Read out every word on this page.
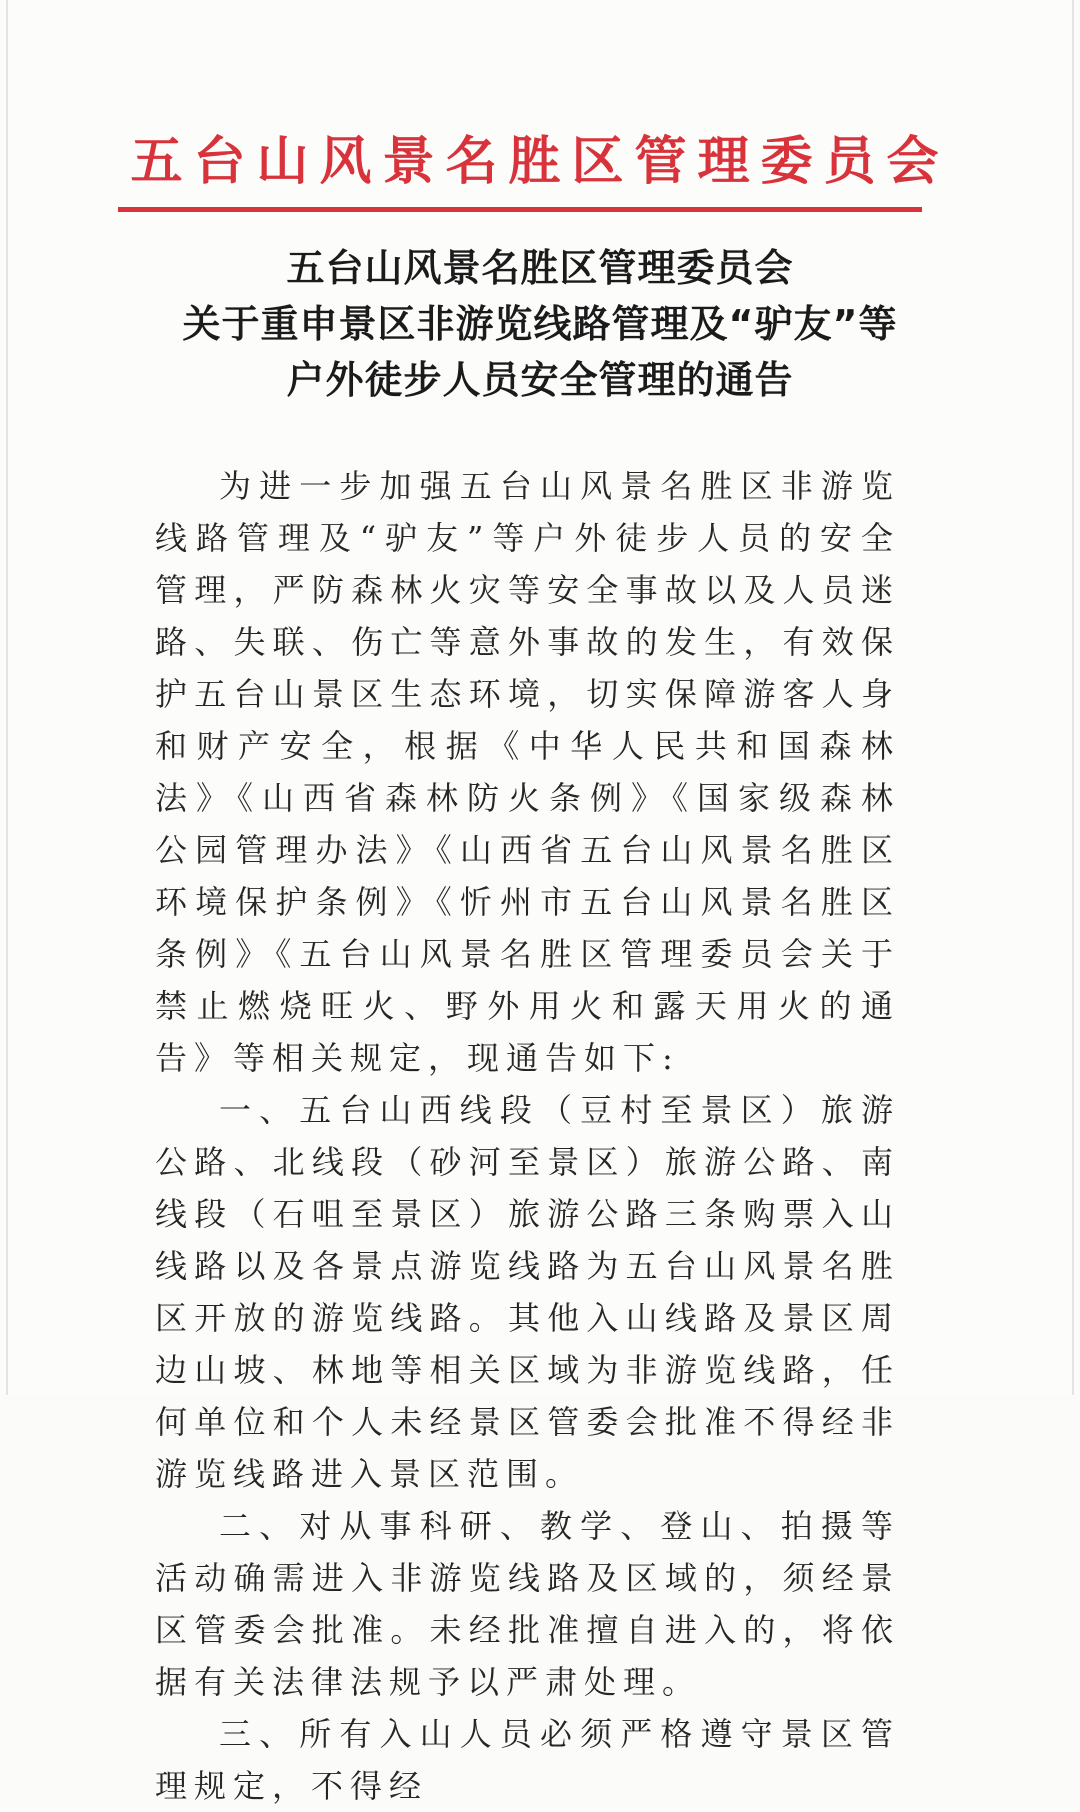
五台山风景名胜区管理委员会
五台山风景名胜区管理委员会
关于重申景区非游览线路管理及“驴友”等
户外徒步人员安全管理的通告

为进一步加强五台山风景名胜区非游览线路管理及“驴友”等户外徒步人员的安全管理，严防森林火灾等安全事故以及人员迷路、失联、伤亡等意外事故的发生，有效保护五台山景区生态环境，切实保障游客人身和财产安全，根据《中华人民共和国森林法》《山西省森林防火条例》《国家级森林公园管理办法》《山西省五台山风景名胜区环境保护条例》《忻州市五台山风景名胜区条例》《五台山风景名胜区管理委员会关于禁止燃烧旺火、野外用火和露天用火的通告》等相关规定，现通告如下:

一、五台山西线段（豆村至景区）旅游公路、北线段（砂河至景区）旅游公路、南线段（石咀至景区）旅游公路三条购票入山线路以及各景点游览线路为五台山风景名胜区开放的游览线路。其他入山线路及景区周边山坡、林地等相关区域为非游览线路，任何单位和个人未经景区管委会批准不得经非游览线路进入景区范围。

二、对从事科研、教学、登山、拍摄等活动确需进入非游览线路及区域的，须经景区管委会批准。未经批准擅自进入的，将依据有关法律法规予以严肃处理。

三、所有入山人员必须严格遵守景区管理规定，不得经
